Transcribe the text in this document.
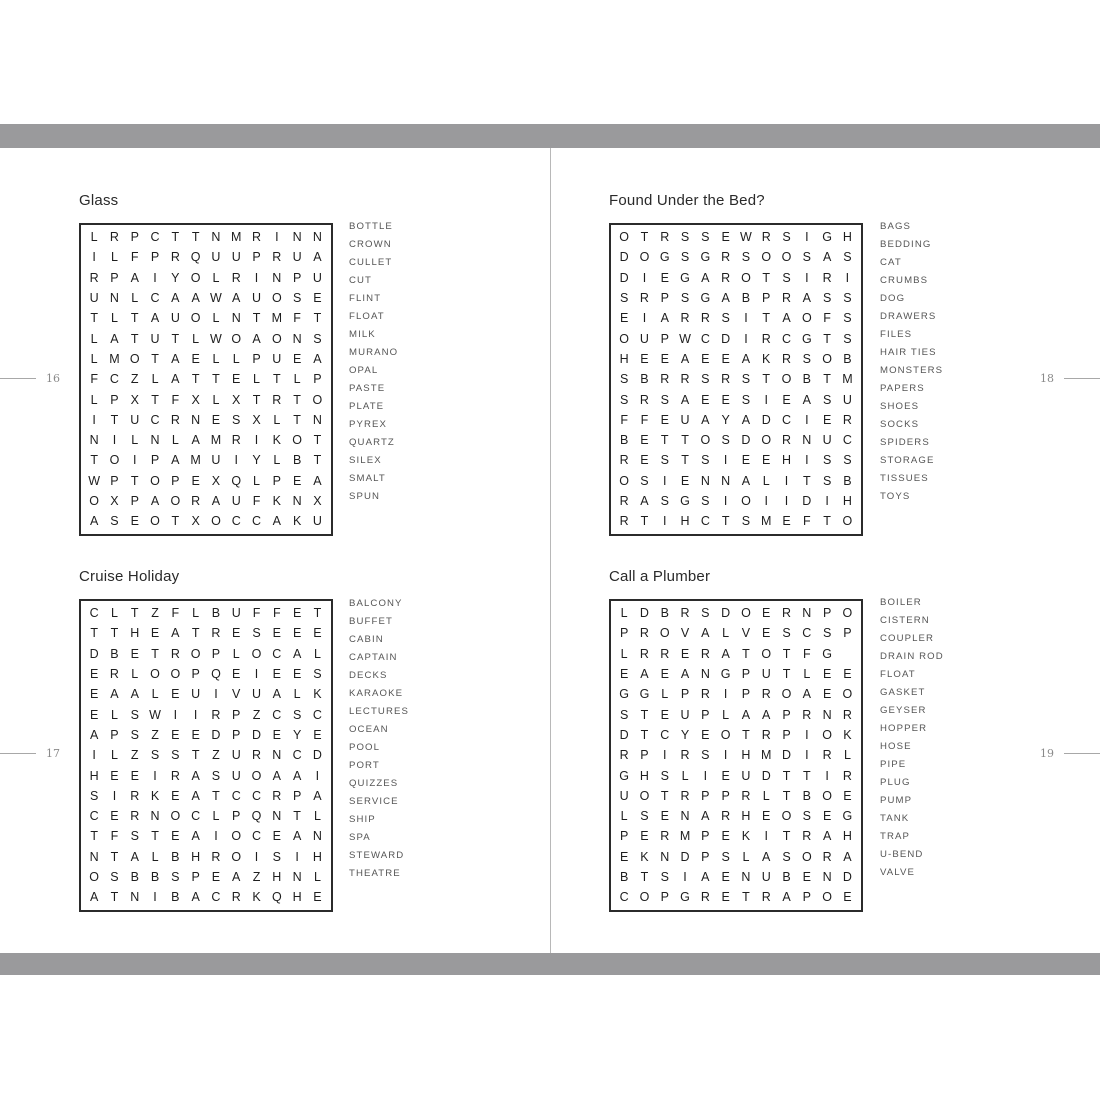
16
17
18
19
Glass
L R P C T	T N M R	I	N N
I	L	F P R Q U U P R U A
R P A	I	Y O L R	I	N P U
U N L C A A W A U O S E
T	L	T A U O L N T M F	T
L	A T U T	L W O A O N S
L M O T A E	L	L	P U E A
F C Z	L	A T	T E	L	T	L	P
L	P X T	F X	L	X T R T O
I	T U C R N E S X	L	T N
N	I	L N L	A M R	I	K O T
T O	I	P A M U	I	Y	L	B T
W P T O P E X Q L	P E A
O X P A O R A U F K N X
A S E O T X O C C A K U
BOTTLE
CROWN
CULLET
CUT
FLINT
FLOAT
MILK
MURANO
OPAL
PASTE
PLATE
PYREX
QUARTZ
SILEX
SMALT
SPUN
Cruise Holiday
C L	T	Z	F	L	B U F	F E T
T	T H E A T R E S E E E
D B E T R O P	L O C A	L
E R L O O P Q E	I	E E S
E A A	L	E U	I	V U A	L	K
E	L	S W	I	I	R P Z C S C
A P S Z E E D P D E Y E
I	L	Z S S T	Z U R N C D
H E E	I	R A S U O A A	I
S	I	R K E A T C C R P A
C E R N O C L	P Q N T	L
T	F S T E A	I	O C E A N
N T A	L	B H R O	I	S	I	H
O S B B S P E A Z H N L
A T N	I	B A C R K Q H E
BALCONY
BUFFET
CABIN
CAPTAIN
DECKS
KARAOKE
LECTURES
OCEAN
POOL
PORT
QUIZZES
SERVICE
SHIP
SPA
STEWARD
THEATRE
Found Under the Bed?
O T R S S E W R S	I	G H
D O G S G R S O O S A S
D	I	E G A R O T S	I	R	I
S R P S G A B P R A S S
E	I	A R R S	I	T A O F S
O U P W C D	I	R C G T S
H E E A E E A K R S O B
S B R R S R S T O B T M
S R S A E E S	I	E A S U
F	F E U A Y A D C	I	E R
B E T	T O S D O R N U C
R E S T S	I	E E H	I	S S
O S	I	E N N A	L	I	T S B
R A S G S	I	O	I	I	D	I	H
R T	I	H C T S M E F	T O
BAGS
BEDDING
CAT
CRUMBS
DOG
DRAWERS
FILES
HAIR TIES
MONSTERS
PAPERS
SHOES
SOCKS
SPIDERS
STORAGE
TISSUES
TOYS
Call a Plumber
L D B R S D O E R N P O
P R O V A	L	V E S C S P
L R R E R A T O T	F G
E A E A N G P U T	L	E E
G G L	P R	I	P R O A E O
S T E U P	L	A A P R N R
D T C Y E O T R P	I	O K
R P	I	R S	I	H M D	I	R L
G H S	L	I	E U D T	T	I	R
U O T R P P R L	T B O E
L	S E N A R H E O S E G
P E R M P E K	I	T R A H
E K N D P S	L	A S O R A
B T S	I	A E N U B E N D
C O P G R E T R A P O E
BOILER
CISTERN
COUPLER
DRAIN ROD
FLOAT
GASKET
GEYSER
HOPPER
HOSE
PIPE
PLUG
PUMP
TANK
TRAP
U-BEND
VALVE
